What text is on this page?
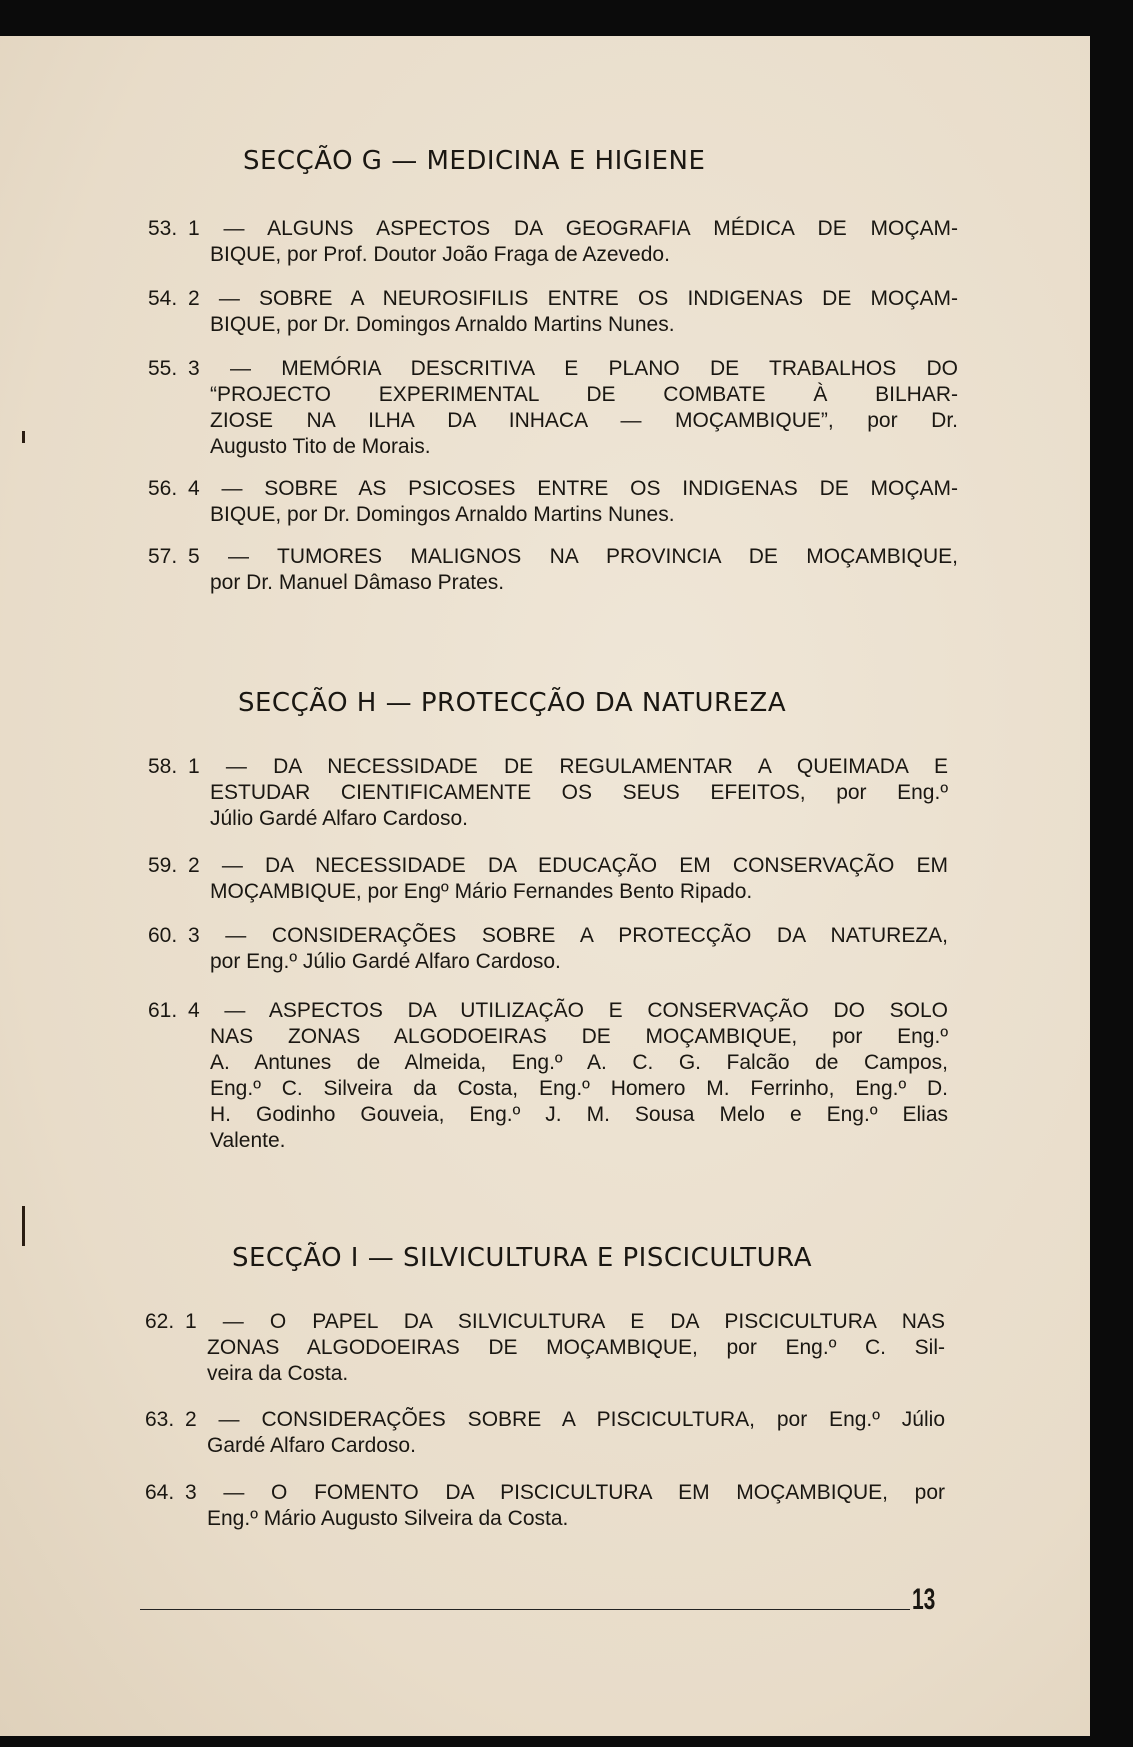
SECÇÃO G — MEDICINA E HIGIENE
53. 1 — ALGUNS ASPECTOS DA GEOGRAFIA MÉDICA DE MOÇAM-
BIQUE, por Prof. Doutor João Fraga de Azevedo.
54. 2 — SOBRE A NEUROSIFILIS ENTRE OS INDIGENAS DE MOÇAM-
BIQUE, por Dr. Domingos Arnaldo Martins Nunes.
55. 3 — MEMÓRIA DESCRITIVA E PLANO DE TRABALHOS DO
“PROJECTO EXPERIMENTAL DE COMBATE À BILHAR-
ZIOSE NA ILHA DA INHACA — MOÇAMBIQUE”, por Dr.
Augusto Tito de Morais.
56. 4 — SOBRE AS PSICOSES ENTRE OS INDIGENAS DE MOÇAM-
BIQUE, por Dr. Domingos Arnaldo Martins Nunes.
57. 5 — TUMORES MALIGNOS NA PROVINCIA DE MOÇAMBIQUE,
por Dr. Manuel Dâmaso Prates.
SECÇÃO H — PROTECÇÃO DA NATUREZA
58. 1 — DA NECESSIDADE DE REGULAMENTAR A QUEIMADA E
ESTUDAR CIENTIFICAMENTE OS SEUS EFEITOS, por Eng.º
Júlio Gardé Alfaro Cardoso.
59. 2 — DA NECESSIDADE DA EDUCAÇÃO EM CONSERVAÇÃO EM
MOÇAMBIQUE, por Engº Mário Fernandes Bento Ripado.
60. 3 — CONSIDERAÇÕES SOBRE A PROTECÇÃO DA NATUREZA,
por Eng.º Júlio Gardé Alfaro Cardoso.
61. 4 — ASPECTOS DA UTILIZAÇÃO E CONSERVAÇÃO DO SOLO
NAS ZONAS ALGODOEIRAS DE MOÇAMBIQUE, por Eng.º
A. Antunes de Almeida, Eng.º A. C. G. Falcão de Campos,
Eng.º C. Silveira da Costa, Eng.º Homero M. Ferrinho, Eng.º D.
H. Godinho Gouveia, Eng.º J. M. Sousa Melo e Eng.º Elias
Valente.
SECÇÃO I — SILVICULTURA E PISCICULTURA
62. 1 — O PAPEL DA SILVICULTURA E DA PISCICULTURA NAS
ZONAS ALGODOEIRAS DE MOÇAMBIQUE, por Eng.º C. Sil-
veira da Costa.
63. 2 — CONSIDERAÇÕES SOBRE A PISCICULTURA, por Eng.º Júlio
Gardé Alfaro Cardoso.
64. 3 — O FOMENTO DA PISCICULTURA EM MOÇAMBIQUE, por
Eng.º Mário Augusto Silveira da Costa.
13
